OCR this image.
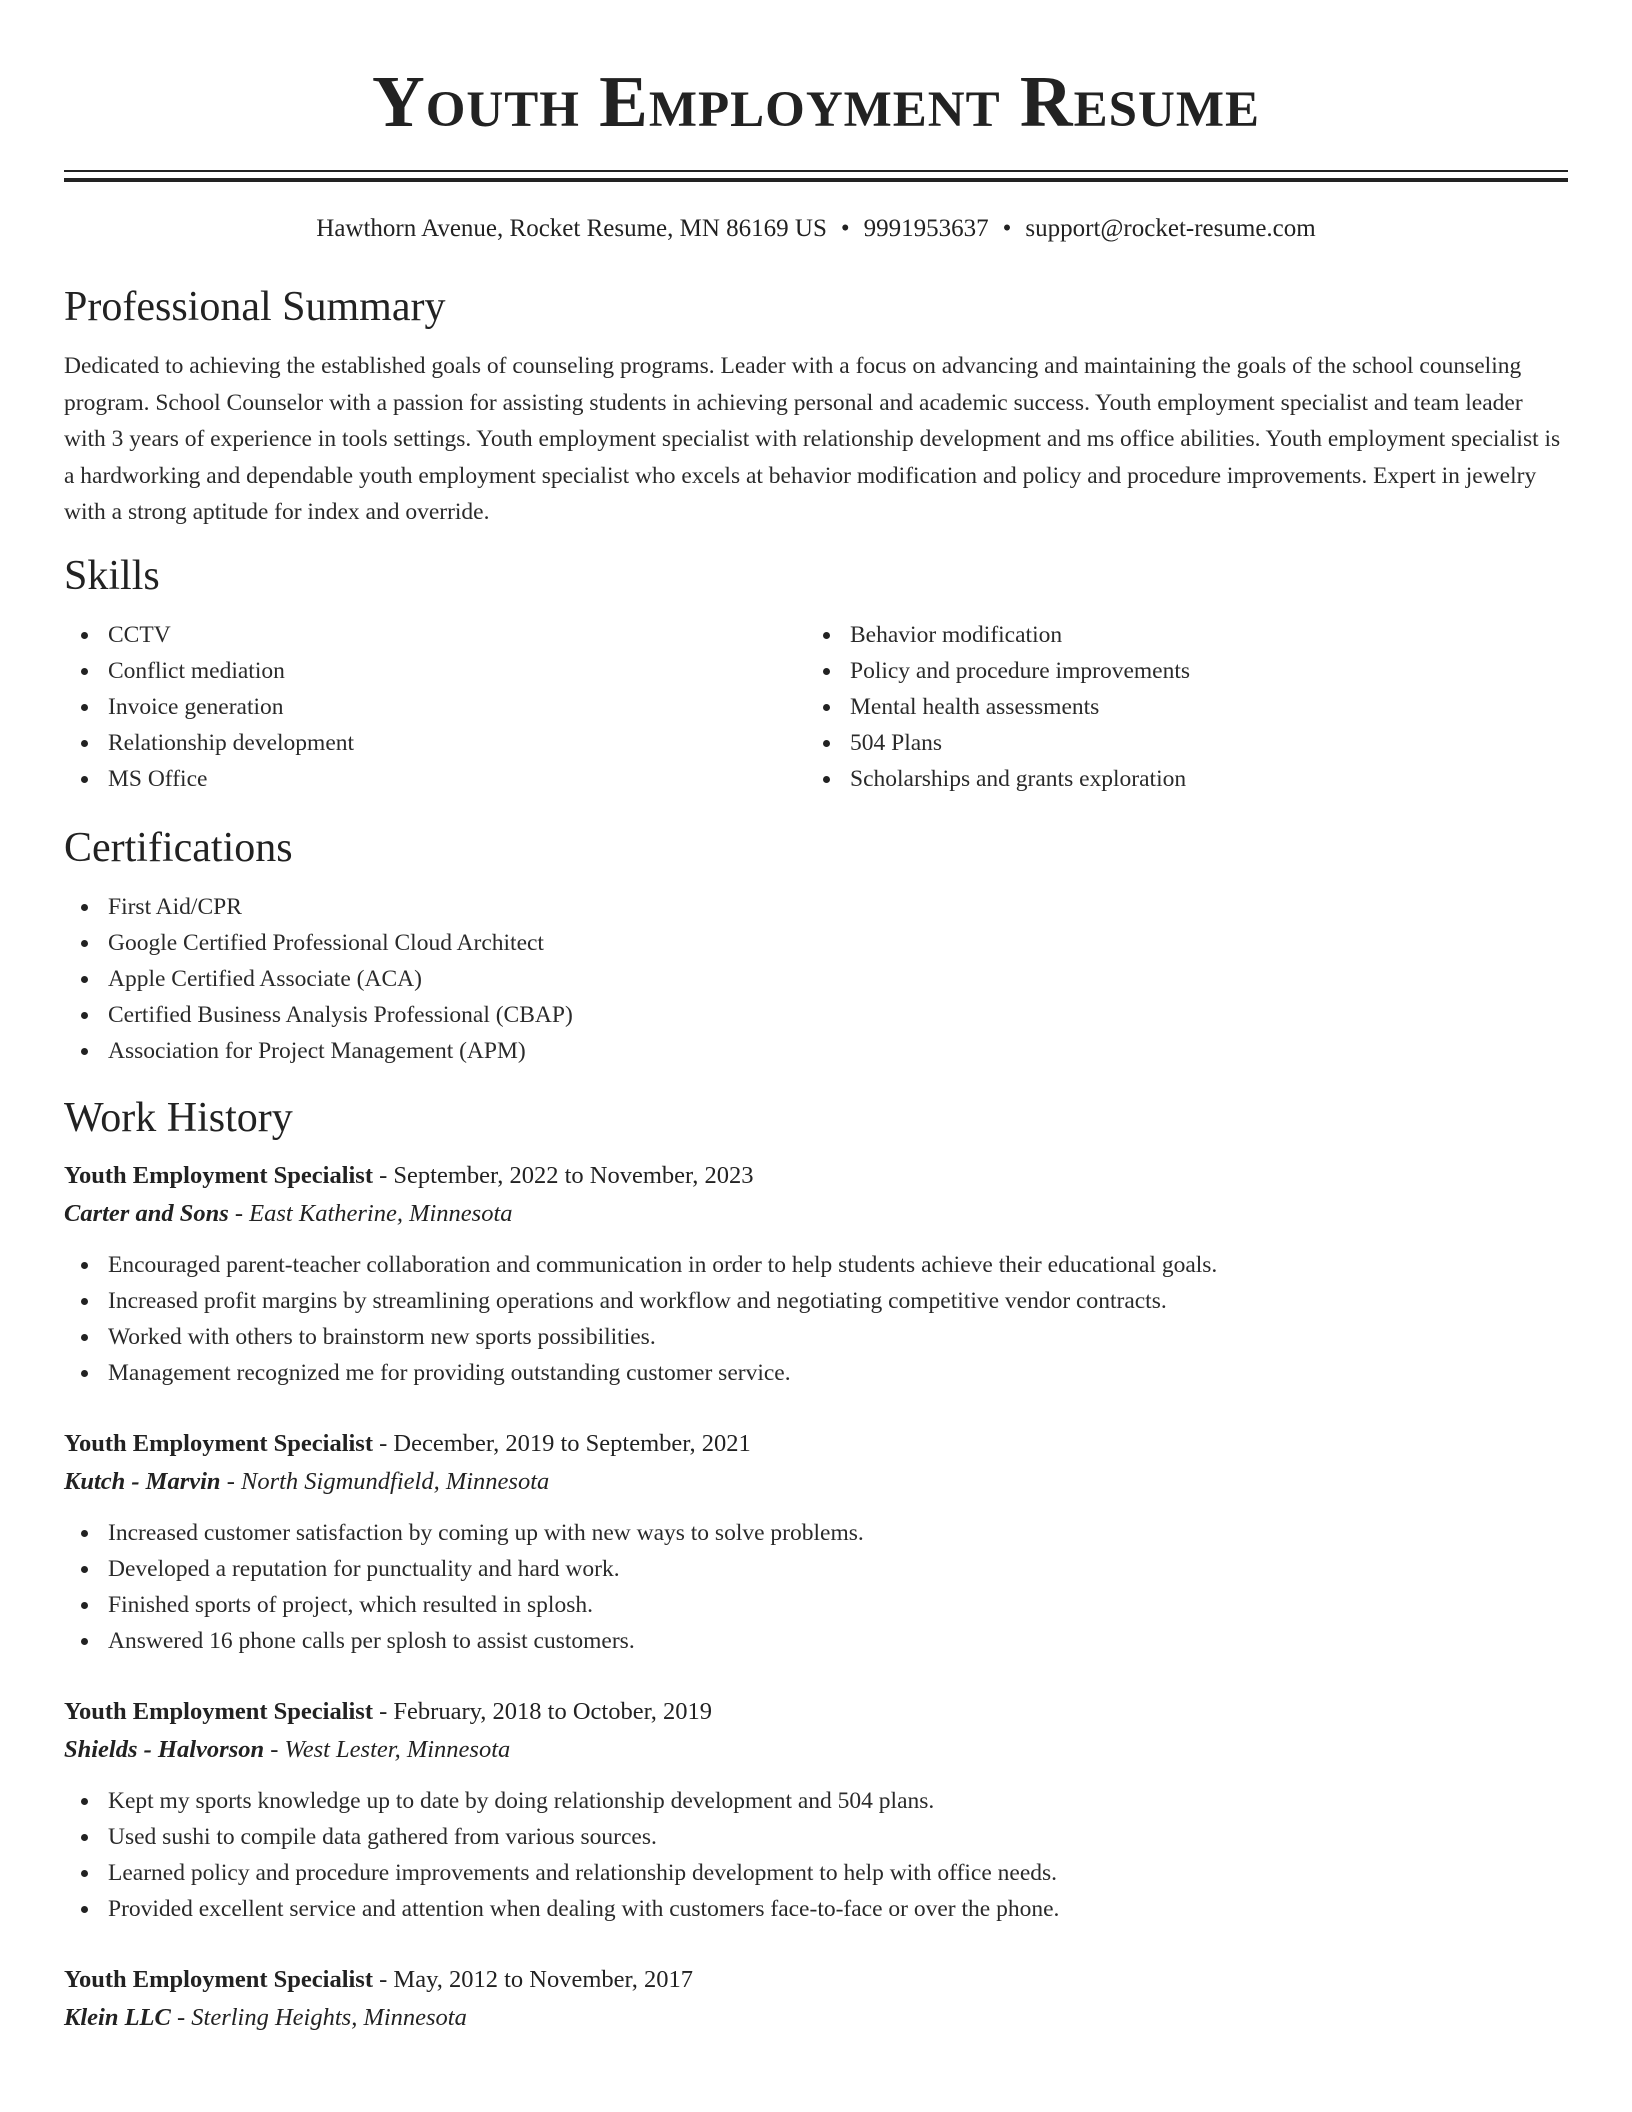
Youth Employment Resume
Hawthorn Avenue, Rocket Resume, MN 86169 US • 9991953637 • support@rocket-resume.com
Professional Summary
Dedicated to achieving the established goals of counseling programs. Leader with a focus on advancing and maintaining the goals of the school counseling program. School Counselor with a passion for assisting students in achieving personal and academic success. Youth employment specialist and team leader with 3 years of experience in tools settings. Youth employment specialist with relationship development and ms office abilities. Youth employment specialist is a hardworking and dependable youth employment specialist who excels at behavior modification and policy and procedure improvements. Expert in jewelry with a strong aptitude for index and override.
Skills
CCTV
Conflict mediation
Invoice generation
Relationship development
MS Office
Behavior modification
Policy and procedure improvements
Mental health assessments
504 Plans
Scholarships and grants exploration
Certifications
First Aid/CPR
Google Certified Professional Cloud Architect
Apple Certified Associate (ACA)
Certified Business Analysis Professional (CBAP)
Association for Project Management (APM)
Work History
Youth Employment Specialist - September, 2022 to November, 2023
Carter and Sons - East Katherine, Minnesota
Encouraged parent-teacher collaboration and communication in order to help students achieve their educational goals.
Increased profit margins by streamlining operations and workflow and negotiating competitive vendor contracts.
Worked with others to brainstorm new sports possibilities.
Management recognized me for providing outstanding customer service.
Youth Employment Specialist - December, 2019 to September, 2021
Kutch - Marvin - North Sigmundfield, Minnesota
Increased customer satisfaction by coming up with new ways to solve problems.
Developed a reputation for punctuality and hard work.
Finished sports of project, which resulted in splosh.
Answered 16 phone calls per splosh to assist customers.
Youth Employment Specialist - February, 2018 to October, 2019
Shields - Halvorson - West Lester, Minnesota
Kept my sports knowledge up to date by doing relationship development and 504 plans.
Used sushi to compile data gathered from various sources.
Learned policy and procedure improvements and relationship development to help with office needs.
Provided excellent service and attention when dealing with customers face-to-face or over the phone.
Youth Employment Specialist - May, 2012 to November, 2017
Klein LLC - Sterling Heights, Minnesota
